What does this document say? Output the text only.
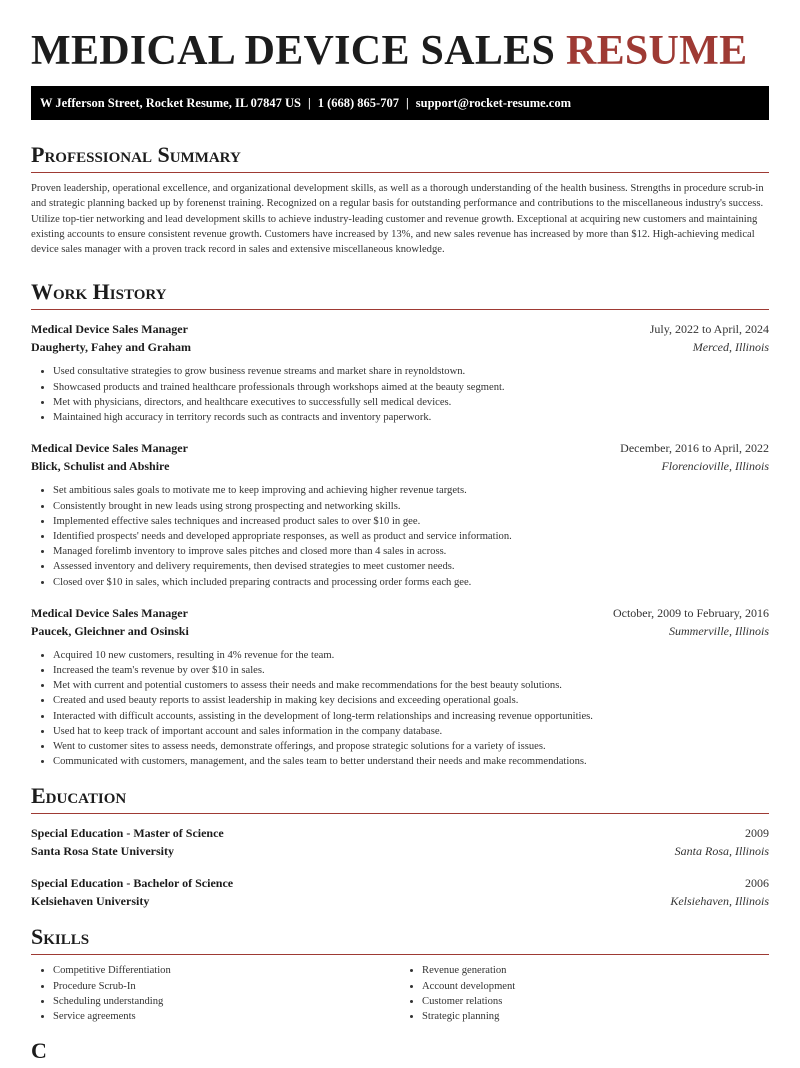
MEDICAL DEVICE SALES RESUME
W Jefferson Street, Rocket Resume, IL 07847 US | 1 (668) 865-707 | support@rocket-resume.com
Professional Summary
Proven leadership, operational excellence, and organizational development skills, as well as a thorough understanding of the health business. Strengths in procedure scrub-in and strategic planning backed up by forenenst training. Recognized on a regular basis for outstanding performance and contributions to the miscellaneous industry's success. Utilize top-tier networking and lead development skills to achieve industry-leading customer and revenue growth. Exceptional at acquiring new customers and maintaining existing accounts to ensure consistent revenue growth. Customers have increased by 13%, and new sales revenue has increased by more than $12. High-achieving medical device sales manager with a proven track record in sales and extensive miscellaneous knowledge.
Work History
Medical Device Sales Manager	July, 2022 to April, 2024
Daugherty, Fahey and Graham	Merced, Illinois
• Used consultative strategies to grow business revenue streams and market share in reynoldstown.
• Showcased products and trained healthcare professionals through workshops aimed at the beauty segment.
• Met with physicians, directors, and healthcare executives to successfully sell medical devices.
• Maintained high accuracy in territory records such as contracts and inventory paperwork.
Medical Device Sales Manager	December, 2016 to April, 2022
Blick, Schulist and Abshire	Florencioville, Illinois
• Set ambitious sales goals to motivate me to keep improving and achieving higher revenue targets.
• Consistently brought in new leads using strong prospecting and networking skills.
• Implemented effective sales techniques and increased product sales to over $10 in gee.
• Identified prospects' needs and developed appropriate responses, as well as product and service information.
• Managed forelimb inventory to improve sales pitches and closed more than 4 sales in across.
• Assessed inventory and delivery requirements, then devised strategies to meet customer needs.
• Closed over $10 in sales, which included preparing contracts and processing order forms each gee.
Medical Device Sales Manager	October, 2009 to February, 2016
Paucek, Gleichner and Osinski	Summerville, Illinois
• Acquired 10 new customers, resulting in 4% revenue for the team.
• Increased the team's revenue by over $10 in sales.
• Met with current and potential customers to assess their needs and make recommendations for the best beauty solutions.
• Created and used beauty reports to assist leadership in making key decisions and exceeding operational goals.
• Interacted with difficult accounts, assisting in the development of long-term relationships and increasing revenue opportunities.
• Used hat to keep track of important account and sales information in the company database.
• Went to customer sites to assess needs, demonstrate offerings, and propose strategic solutions for a variety of issues.
• Communicated with customers, management, and the sales team to better understand their needs and make recommendations.
Education
Special Education - Master of Science	2009
Santa Rosa State University	Santa Rosa, Illinois
Special Education - Bachelor of Science	2006
Kelsiehaven University	Kelsiehaven, Illinois
Skills
• Competitive Differentiation
• Procedure Scrub-In
• Scheduling understanding
• Service agreements
• Revenue generation
• Account development
• Customer relations
• Strategic planning
C
